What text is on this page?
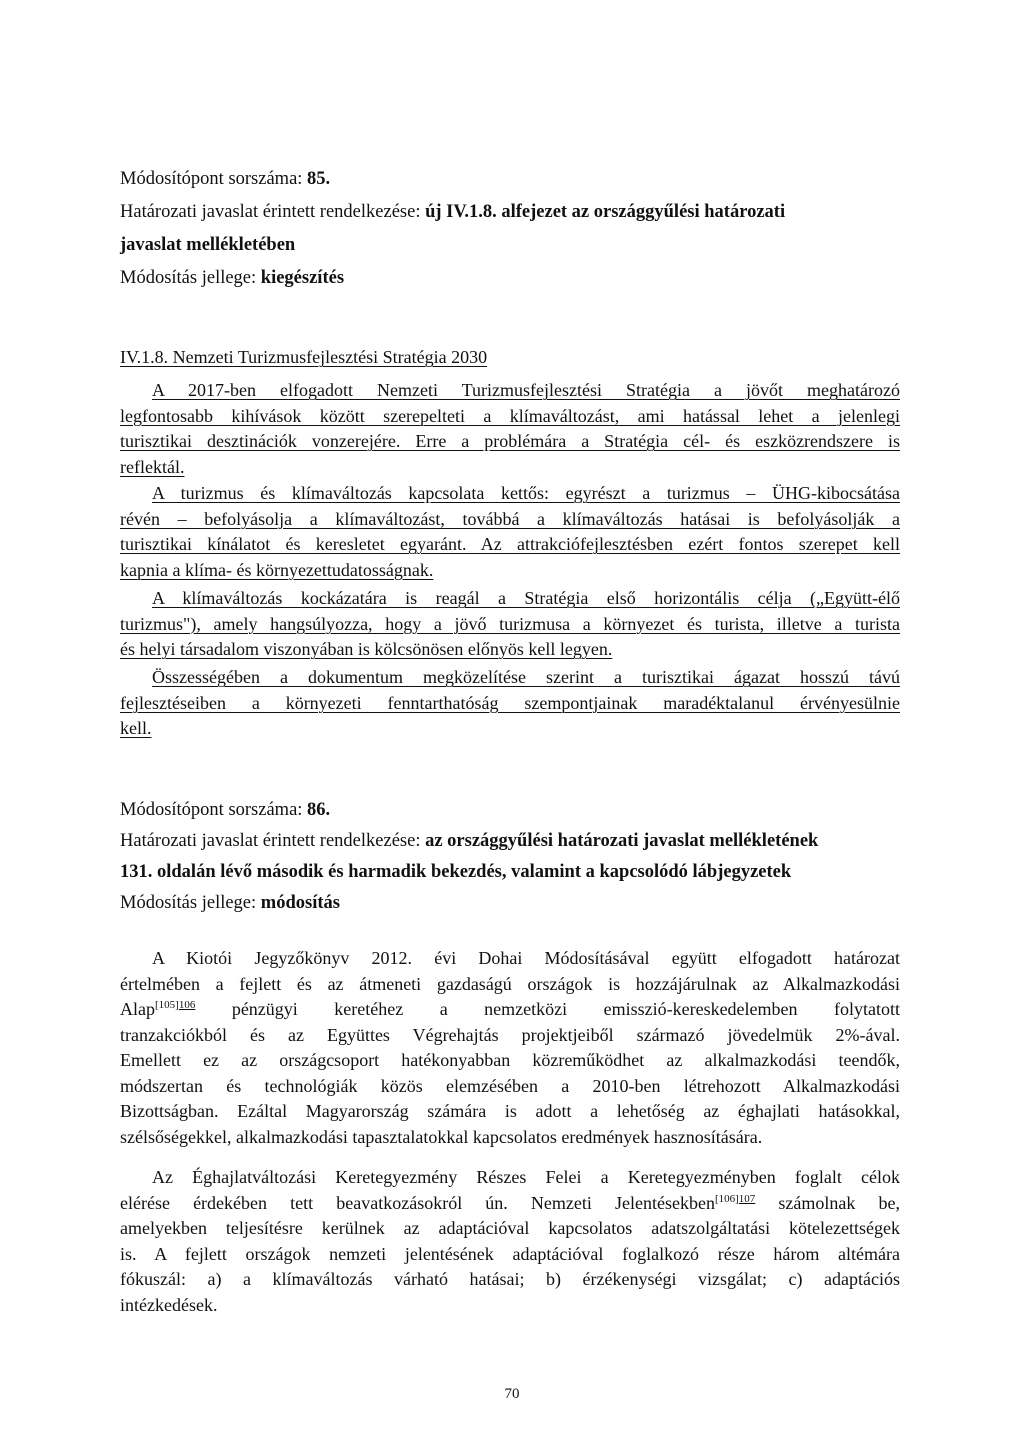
Módosítópont sorszáma: 85.
Határozati javaslat érintett rendelkezése: új IV.1.8. alfejezet az országgyűlési határozati
javaslat mellékletében
Módosítás jellege: kiegészítés
IV.1.8. Nemzeti Turizmusfejlesztési Stratégia 2030
A 2017-ben elfogadott Nemzeti Turizmusfejlesztési Stratégia a jövőt meghatározó
legfontosabb kihívások között szerepelteti a klímaváltozást, ami hatással lehet a jelenlegi
turisztikai desztinációk vonzerejére. Erre a problémára a Stratégia cél- és eszközrendszere is
reflektál.
A turizmus és klímaváltozás kapcsolata kettős: egyrészt a turizmus – ÜHG-kibocsátása
révén – befolyásolja a klímaváltozást, továbbá a klímaváltozás hatásai is befolyásolják a
turisztikai kínálatot és keresletet egyaránt. Az attrakciófejlesztésben ezért fontos szerepet kell
kapnia a klíma- és környezettudatosságnak.
A klímaváltozás kockázatára is reagál a Stratégia első horizontális célja („Együtt-élő
turizmus"), amely hangsúlyozza, hogy a jövő turizmusa a környezet és turista, illetve a turista
és helyi társadalom viszonyában is kölcsönösen előnyös kell legyen.
Összességében a dokumentum megközelítése szerint a turisztikai ágazat hosszú távú
fejlesztéseiben a környezeti fenntarthatóság szempontjainak maradéktalanul érvényesülnie
kell.
Módosítópont sorszáma: 86.
Határozati javaslat érintett rendelkezése: az országgyűlési határozati javaslat mellékletének
131. oldalán lévő második és harmadik bekezdés, valamint a kapcsolódó lábjegyzetek
Módosítás jellege: módosítás
A Kiotói Jegyzőkönyv 2012. évi Dohai Módosításával együtt elfogadott határozat
értelmében a fejlett és az átmeneti gazdaságú országok is hozzájárulnak az Alkalmazkodási
Alap$^{[105]106}$ pénzügyi keretéhez a nemzetközi emisszió-kereskedelemben folytatott
tranzakciókból és az Együttes Végrehajtás projektjeiből származó jövedelmük 2%-ával.
Emellett ez az országcsoport hatékonyabban közreműködhet az alkalmazkodási teendők,
módszertan és technológiák közös elemzésében a 2010-ben létrehozott Alkalmazkodási
Bizottságban. Ezáltal Magyarország számára is adott a lehetőség az éghajlati hatásokkal,
szélsőségekkel, alkalmazkodási tapasztalatokkal kapcsolatos eredmények hasznosítására.
Az Éghajlatváltozási Keretegyezmény Részes Felei a Keretegyezményben foglalt célok
elérése érdekében tett beavatkozásokról ún. Nemzeti Jelentésekben$^{[106]107}$ számolnak be,
amelyekben teljesítésre kerülnek az adaptációval kapcsolatos adatszolgáltatási kötelezettségek
is. A fejlett országok nemzeti jelentésének adaptációval foglalkozó része három altémára
fókuszál: a) a klímaváltozás várható hatásai; b) érzékenységi vizsgálat; c) adaptációs
intézkedések.
70
